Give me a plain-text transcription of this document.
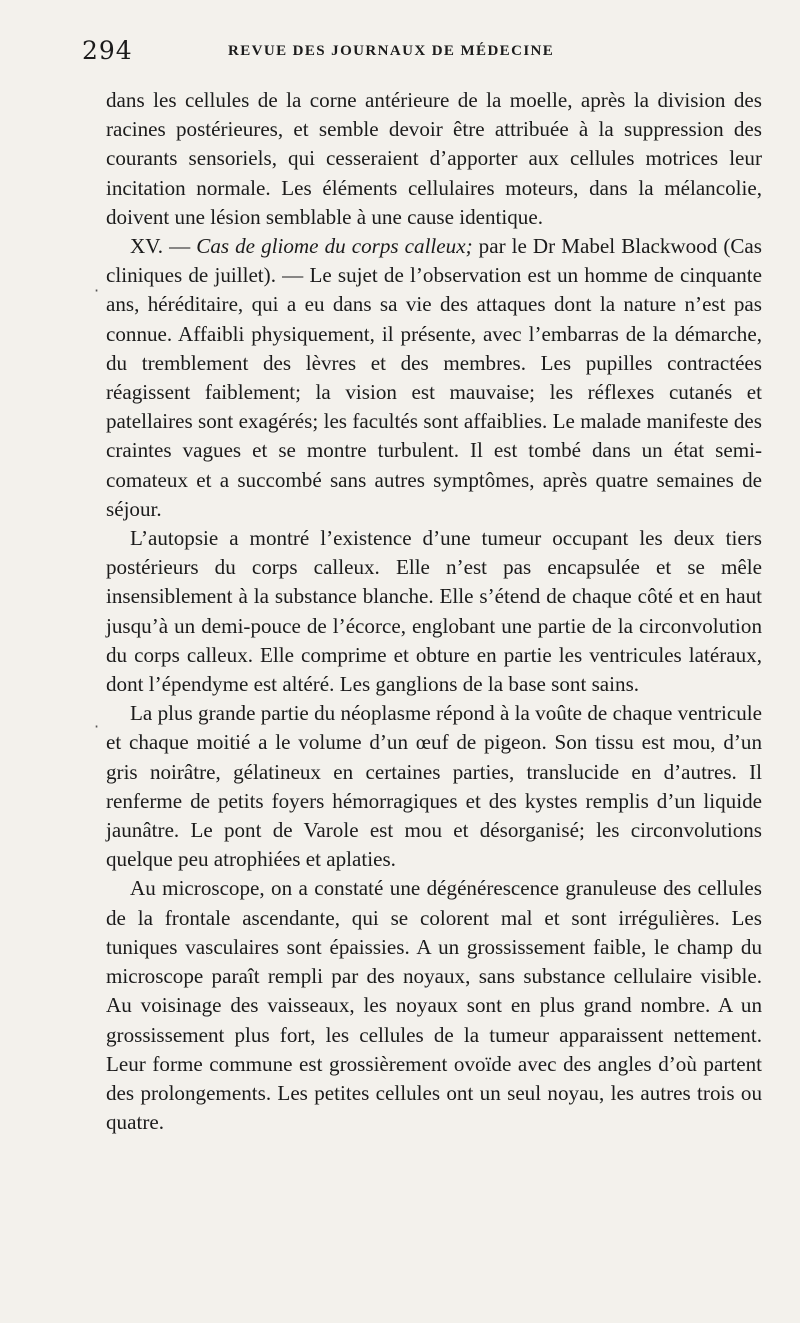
294	REVUE DES JOURNAUX DE MÉDECINE

dans les cellules de la corne antérieure de la moelle, après la division des racines postérieures, et semble devoir être attribuée à la suppression des courants sensoriels, qui cesseraient d’apporter aux cellules motrices leur incitation normale. Les éléments cellulaires moteurs, dans la mélancolie, doivent une lésion semblable à une cause identique.

XV. — Cas de gliome du corps calleux; par le Dr Mabel Blackwood (Cas cliniques de juillet). — Le sujet de l’observation est un homme de cinquante ans, héréditaire, qui a eu dans sa vie des attaques dont la nature n’est pas connue. Affaibli physiquement, il présente, avec l’embarras de la démarche, du tremblement des lèvres et des membres. Les pupilles contractées réagissent faiblement; la vision est mauvaise; les réflexes cutanés et patellaires sont exagérés; les facultés sont affaiblies. Le malade manifeste des craintes vagues et se montre turbulent. Il est tombé dans un état semi-comateux et a succombé sans autres symptômes, après quatre semaines de séjour.

L’autopsie a montré l’existence d’une tumeur occupant les deux tiers postérieurs du corps calleux. Elle n’est pas encapsulée et se mêle insensiblement à la substance blanche. Elle s’étend de chaque côté et en haut jusqu’à un demi-pouce de l’écorce, englobant une partie de la circonvolution du corps calleux. Elle comprime et obture en partie les ventricules latéraux, dont l’épendyme est altéré. Les ganglions de la base sont sains.

La plus grande partie du néoplasme répond à la voûte de chaque ventricule et chaque moitié a le volume d’un œuf de pigeon. Son tissu est mou, d’un gris noirâtre, gélatineux en certaines parties, translucide en d’autres. Il renferme de petits foyers hémorragiques et des kystes remplis d’un liquide jaunâtre. Le pont de Varole est mou et désorganisé; les circonvolutions quelque peu atrophiées et aplaties.

Au microscope, on a constaté une dégénérescence granuleuse des cellules de la frontale ascendante, qui se colorent mal et sont irrégulières. Les tuniques vasculaires sont épaissies. A un grossissement faible, le champ du microscope paraît rempli par des noyaux, sans substance cellulaire visible. Au voisinage des vaisseaux, les noyaux sont en plus grand nombre. A un grossissement plus fort, les cellules de la tumeur apparaissent nettement. Leur forme commune est grossièrement ovoïde avec des angles d’où partent des prolongements. Les petites cellules ont un seul noyau, les autres trois ou quatre.

·
·
